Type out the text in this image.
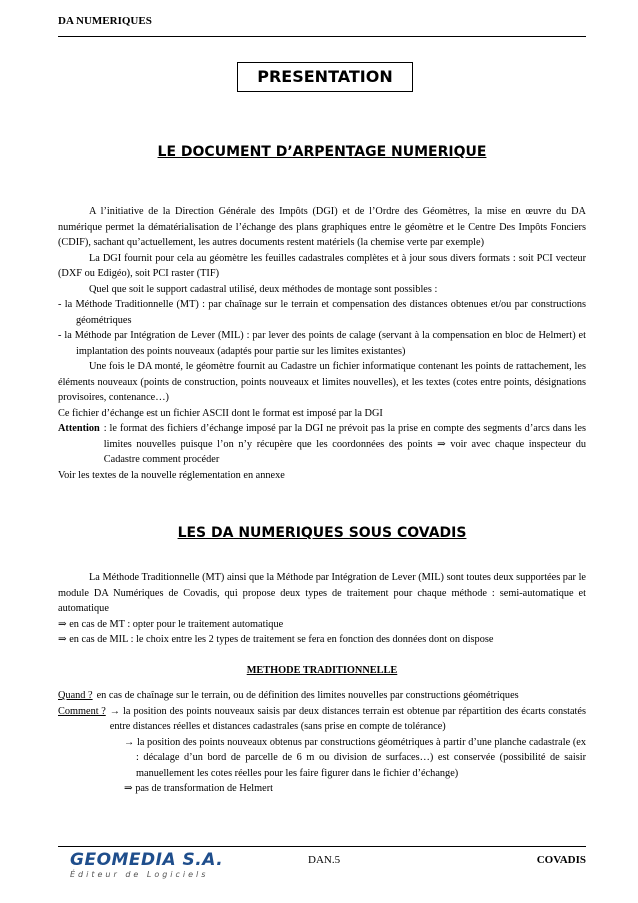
DA NUMERIQUES
PRESENTATION
LE DOCUMENT D’ARPENTAGE NUMERIQUE

A l’initiative de la Direction Générale des Impôts (DGI) et de l’Ordre des Géomètres, la mise en œuvre du DA numérique permet la dématérialisation de l’échange des plans graphiques entre le géomètre et le Centre Des Impôts Fonciers (CDIF), sachant qu’actuellement, les autres documents restent matériels (la chemise verte par exemple)

La DGI fournit pour cela au géomètre les feuilles cadastrales complètes et à jour sous divers formats : soit PCI vecteur (DXF ou Edigéo), soit PCI raster (TIF)

Quel que soit le support cadastral utilisé, deux méthodes de montage sont possibles :

- la Méthode Traditionnelle (MT) : par chaînage sur le terrain et compensation des distances obtenues et/ou par constructions géométriques

- la Méthode par Intégration de Lever (MIL) : par lever des points de calage (servant à la compensation en bloc de Helmert) et implantation des points nouveaux (adaptés pour partie sur les limites existantes)

Une fois le DA monté, le géomètre fournit au Cadastre un fichier informatique contenant les points de rattachement, les éléments nouveaux (points de construction, points nouveaux et limites nouvelles), et les textes (cotes entre points, désignations provisoires, contenance…)

Ce fichier d’échange est un fichier ASCII dont le format est imposé par la DGI

Attention : le format des fichiers d’échange imposé par la DGI ne prévoit pas la prise en compte des segments d’arcs dans les limites nouvelles puisque l’on n’y récupère que les coordonnées des points ⇒ voir avec chaque inspecteur du Cadastre comment procéder

Voir les textes de la nouvelle réglementation en annexe

LES DA NUMERIQUES SOUS COVADIS

La Méthode Traditionnelle (MT) ainsi que la Méthode par Intégration de Lever (MIL) sont toutes deux supportées par le module DA Numériques de Covadis, qui propose deux types de traitement pour chaque méthode : semi-automatique et automatique

⇒ en cas de MT : opter pour le traitement automatique

⇒ en cas de MIL : le choix entre les 2 types de traitement se fera en fonction des données dont on dispose

METHODE TRADITIONNELLE

Quand ? en cas de chaînage sur le terrain, ou de définition des limites nouvelles par constructions géométriques
Comment ? → la position des points nouveaux saisis par deux distances terrain est obtenue par répartition des écarts constatés entre distances réelles et distances cadastrales (sans prise en compte de tolérance)

→ la position des points nouveaux obtenus par constructions géométriques à partir d’une planche cadastrale (ex : décalage d’un bord de parcelle de 6 m ou division de surfaces…) est conservée (possibilité de saisir manuellement les cotes réelles pour les faire figurer dans le fichier d’échange)

⇒ pas de transformation de Helmert

GEOMEDIA S.A.
Éditeur de Logiciels
DAN.5	COVADIS
